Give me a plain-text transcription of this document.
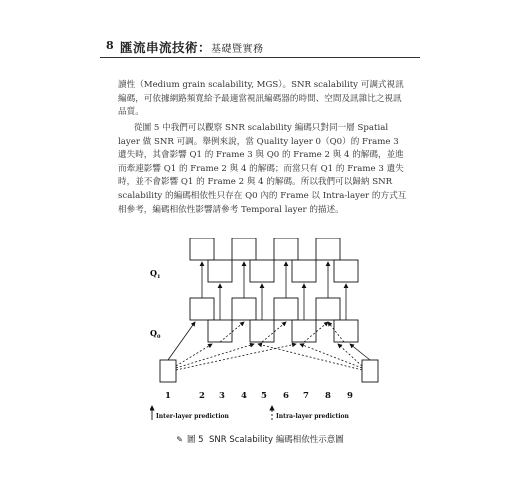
8 匯流串流技術：基礎暨實務
讀性（Medium grain scalability, MGS）。SNR scalability 可調式視訊編碼，可依據網路頻寬給予最適當視訊編碼器的時間、空間及訊雜比之視訊品質。
從圖 5 中我們可以觀察 SNR scalability 編碼只對同一層 Spatial layer 做 SNR 可調。舉例來說，當 Quality layer 0（Q0）的 Frame 3 遺失時，其會影響 Q1 的 Frame 3 與 Q0 的 Frame 2 與 4 的解碼，並進而牽連影響 Q1 的 Frame 2 與 4 的解碼；而當只有 Q1 的 Frame 3 遺失時，並不會影響 Q1 的 Frame 2 與 4 的解碼。所以我們可以歸納 SNR scalability 的編碼相依性只存在 Q0 內的 Frame 以 Intra-layer 的方式互相參考，編碼相依性影響請參考 Temporal layer 的描述。
$Q_1$
$Q_0$
1	2 3 4 5 6 7 8 9
Inter-layer prediction	Intra-layer prediction
✎ 圖 5 SNR Scalability 編碼相依性示意圖
